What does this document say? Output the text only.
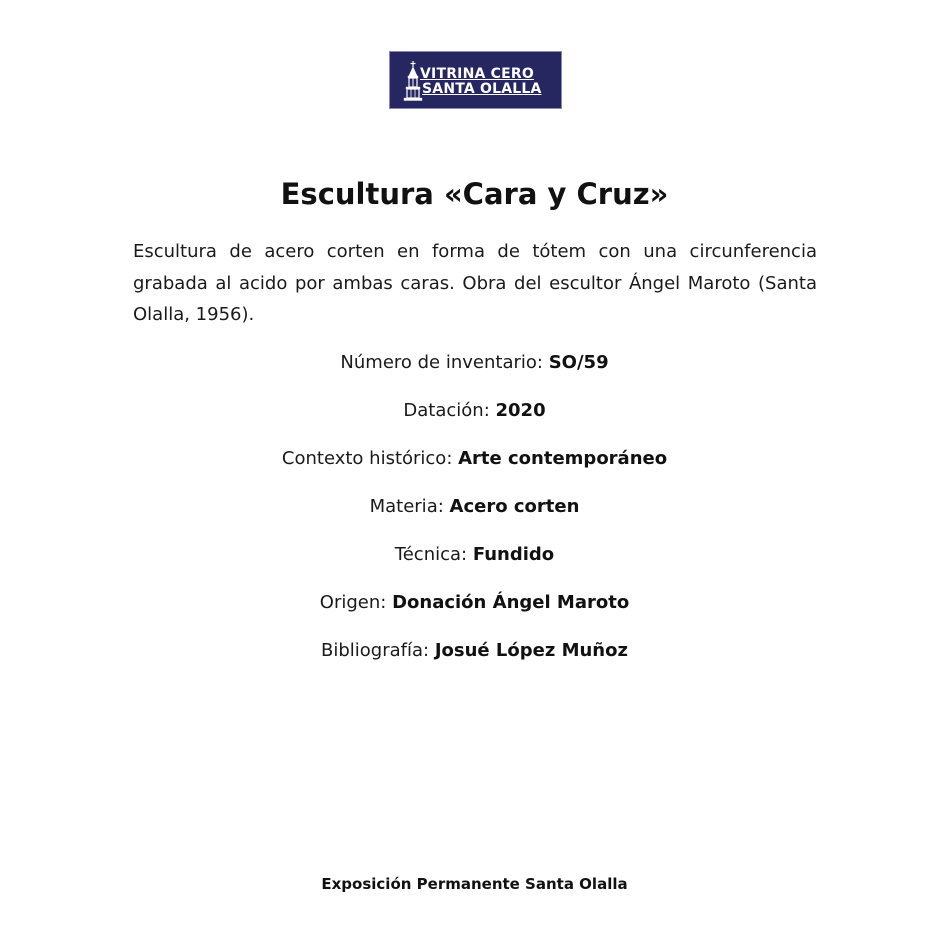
VITRINA CERO
SANTA OLALLA
Escultura «Cara y Cruz»

Escultura de acero corten en forma de tótem con una circunferencia grabada al acido por ambas caras. Obra del escultor Ángel Maroto (Santa Olalla, 1956).

Número de inventario: SO/59
Datación: 2020
Contexto histórico: Arte contemporáneo
Materia: Acero corten
Técnica: Fundido
Origen: Donación Ángel Maroto
Bibliografía: Josué López Muñoz
Exposición Permanente Santa Olalla
